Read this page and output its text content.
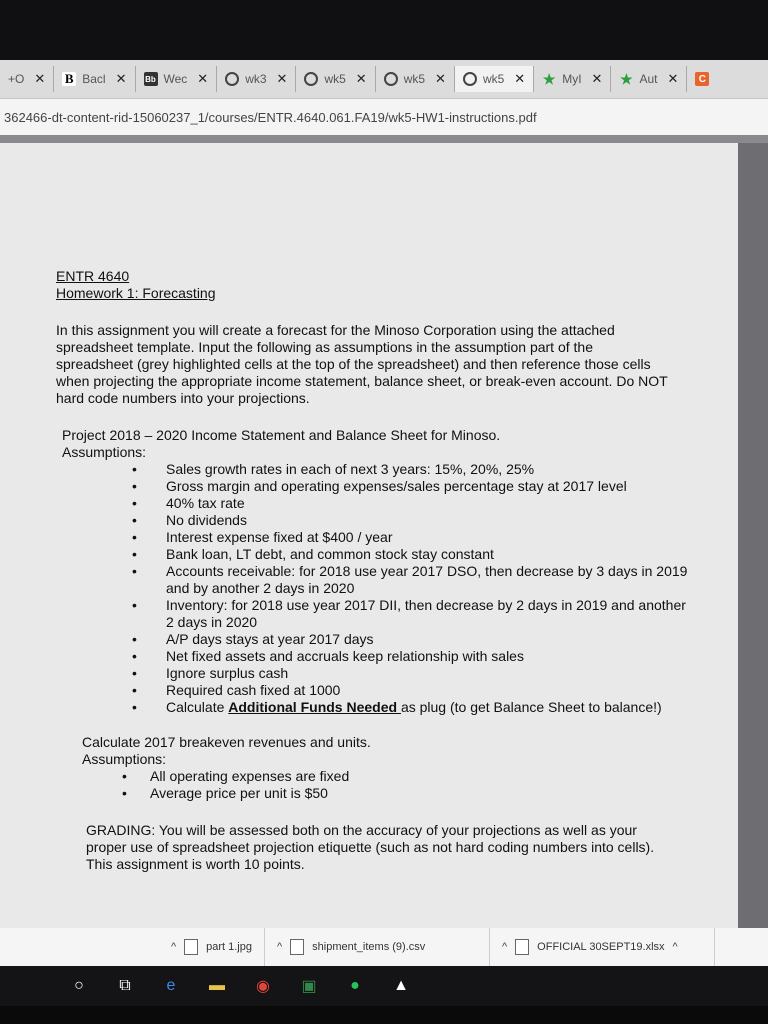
+O ✕ B Bacl ✕ Bb Wec ✕	wk3 ✕	wk5 ✕	wk5 ✕	wk5 ✕ ★ MyI ✕ ★ Aut ✕	C
362466-dt-content-rid-15060237_1/courses/ENTR.4640.061.FA19/wk5-HW1-instructions.pdf
ENTR 4640
Homework 1: Forecasting
In this assignment you will create a forecast for the Minoso Corporation using the attached spreadsheet template. Input the following as assumptions in the assumption part of the spreadsheet (grey highlighted cells at the top of the spreadsheet) and then reference those cells when projecting the appropriate income statement, balance sheet, or break-even account. Do NOT hard code numbers into your projections.
Project 2018 – 2020 Income Statement and Balance Sheet for Minoso.
Assumptions:
• Sales growth rates in each of next 3 years: 15%, 20%, 25%
• Gross margin and operating expenses/sales percentage stay at 2017 level
• 40% tax rate
• No dividends
• Interest expense fixed at $400 / year
• Bank loan, LT debt, and common stock stay constant
• Accounts receivable: for 2018 use year 2017 DSO, then decrease by 3 days in 2019 and by another 2 days in 2020
• Inventory: for 2018 use year 2017 DII, then decrease by 2 days in 2019 and another 2 days in 2020
• A/P days stays at year 2017 days
• Net fixed assets and accruals keep relationship with sales
• Ignore surplus cash
• Required cash fixed at 1000
• Calculate Additional Funds Needed as plug (to get Balance Sheet to balance!)
Calculate 2017 breakeven revenues and units.
Assumptions:
• All operating expenses are fixed
• Average price per unit is $50
GRADING: You will be assessed both on the accuracy of your projections as well as your proper use of spreadsheet projection etiquette (such as not hard coding numbers into cells). This assignment is worth 10 points.
^	part 1.jpg ^	shipment_items (9).csv	^	OFFICIAL 30SEPT19.xlsx ^
○	⧉	e	▬ ◉ ▣	●	▲
